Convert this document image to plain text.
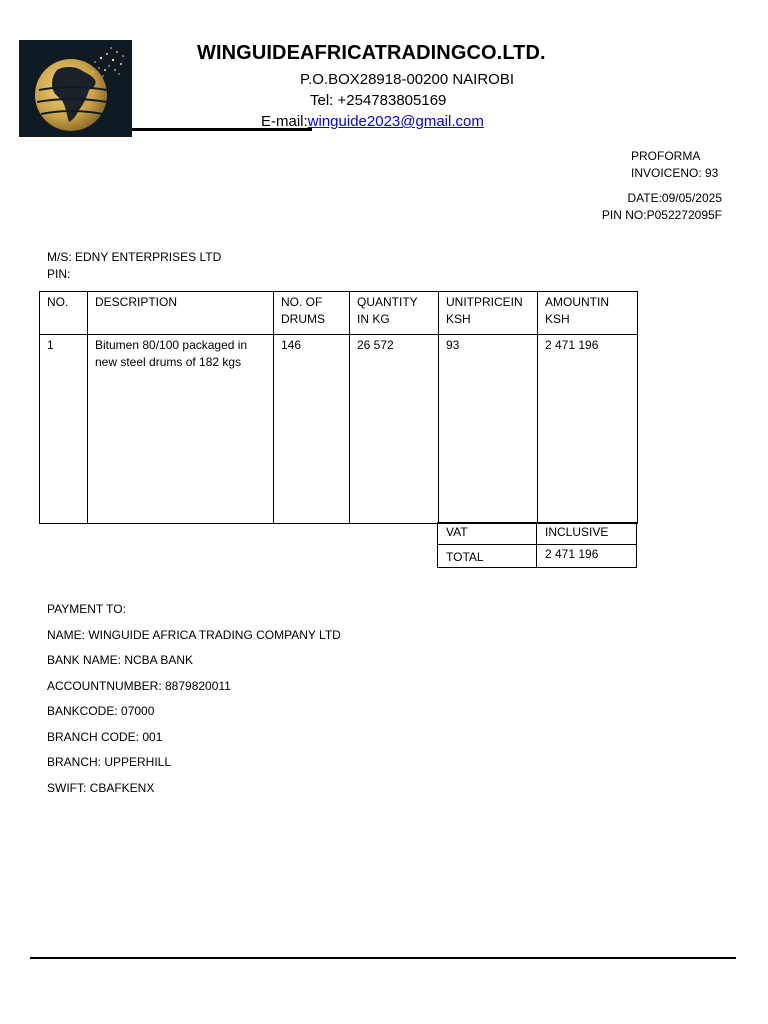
WINGUIDEAFRICATRADINGCO.LTD.
P.O.BOX28918-00200 NAIROBI
Tel: +254783805169
E-mail:winguide2023@gmail.com
PROFORMA
INVOICENO: 93
DATE:09/05/2025
PIN NO:P052272095F
M/S: EDNY ENTERPRISES LTD
PIN:
NO.	DESCRIPTION	NO. OF DRUMS	QUANTITY IN KG	UNITPRICEIN KSH	AMOUNTIN KSH
1	Bitumen 80/100 packaged in new steel drums of 182 kgs	146	26 572	93	2 471 196
VAT	INCLUSIVE
TOTAL	2 471 196
PAYMENT TO:
NAME: WINGUIDE AFRICA TRADING COMPANY LTD
BANK NAME: NCBA BANK
ACCOUNTNUMBER: 8879820011
BANKCODE: 07000
BRANCH CODE: 001
BRANCH: UPPERHILL
SWIFT: CBAFKENX
